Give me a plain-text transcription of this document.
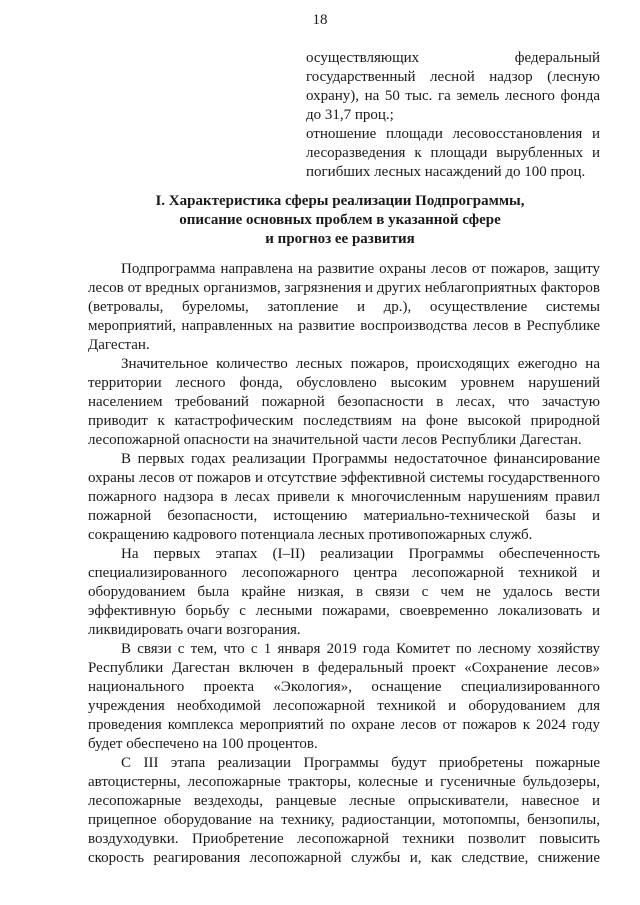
18

осуществляющих федеральный государственный лесной надзор (лесную охрану), на 50 тыс. га земель лесного фонда до 31,7 проц.;

отношение площади лесовосстановления и лесоразведения к площади вырубленных и погибших лесных насаждений до 100 проц.

I. Характеристика сферы реализации Подпрограммы,
описание основных проблем в указанной сфере
и прогноз ее развития

Подпрограмма направлена на развитие охраны лесов от пожаров, защиту лесов от вредных организмов, загрязнения и других неблагоприятных факторов (ветровалы, буреломы, затопление и др.), осуществление системы мероприятий, направленных на развитие воспроизводства лесов в Республике Дагестан.

Значительное количество лесных пожаров, происходящих ежегодно на территории лесного фонда, обусловлено высоким уровнем нарушений населением требований пожарной безопасности в лесах, что зачастую приводит к катастрофическим последствиям на фоне высокой природной лесопожарной опасности на значительной части лесов Республики Дагестан.

В первых годах реализации Программы недостаточное финансирование охраны лесов от пожаров и отсутствие эффективной системы государственного пожарного надзора в лесах привели к многочисленным нарушениям правил пожарной безопасности, истощению материально-технической базы и сокращению кадрового потенциала лесных противопожарных служб.

На первых этапах (I–II) реализации Программы обеспеченность специализированного лесопожарного центра лесопожарной техникой и оборудованием была крайне низкая, в связи с чем не удалось вести эффективную борьбу с лесными пожарами, своевременно локализовать и ликвидировать очаги возгорания.

В связи с тем, что с 1 января 2019 года Комитет по лесному хозяйству Республики Дагестан включен в федеральный проект «Сохранение лесов» национального проекта «Экология», оснащение специализированного учреждения необходимой лесопожарной техникой и оборудованием для проведения комплекса мероприятий по охране лесов от пожаров к 2024 году будет обеспечено на 100 процентов.

С III этапа реализации Программы будут приобретены пожарные автоцистерны, лесопожарные тракторы, колесные и гусеничные бульдозеры, лесопожарные вездеходы, ранцевые лесные опрыскиватели, навесное и прицепное оборудование на технику, радиостанции, мотопомпы, бензопилы, воздуходувки. Приобретение лесопожарной техники позволит повысить скорость реагирования лесопожарной службы и, как следствие, снижение
